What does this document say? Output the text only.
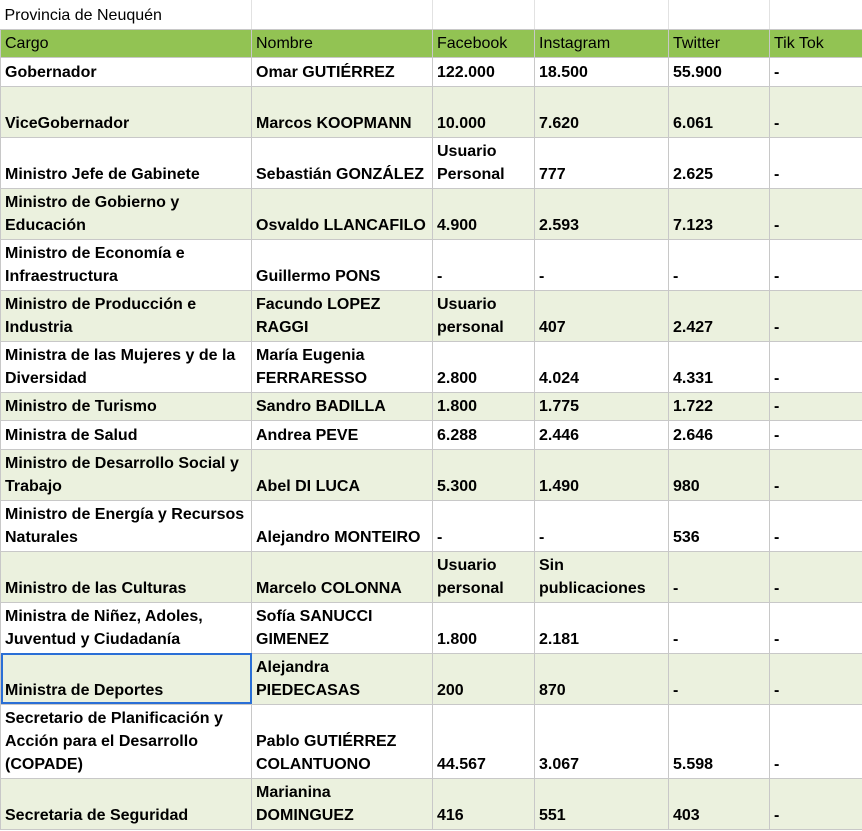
Provincia de Neuquén					
Cargo	Nombre	Facebook	Instagram	Twitter	Tik Tok
Gobernador	Omar GUTIÉRREZ	122.000	18.500	55.900	-
ViceGobernador	Marcos KOOPMANN	10.000	7.620	6.061	-
Ministro Jefe de Gabinete	Sebastián GONZÁLEZ	Usuario Personal	777	2.625	-
Ministro de Gobierno y Educación	Osvaldo LLANCAFILO	4.900	2.593	7.123	-
Ministro de Economía e Infraestructura	Guillermo PONS	-	-	-	-
Ministro de Producción e Industria	Facundo LOPEZ RAGGI	Usuario personal	407	2.427	-
Ministra de las Mujeres y de la Diversidad	María Eugenia FERRARESSO	2.800	4.024	4.331	-
Ministro de Turismo	Sandro BADILLA	1.800	1.775	1.722	-
Ministra de Salud	Andrea PEVE	6.288	2.446	2.646	-
Ministro de Desarrollo Social y Trabajo	Abel DI LUCA	5.300	1.490	980	-
Ministro de Energía y Recursos Naturales	Alejandro MONTEIRO	-	-	536	-
Ministro de las Culturas	Marcelo COLONNA	Usuario personal	Sin publicaciones	-	-
Ministra de Niñez, Adoles, Juventud y Ciudadanía	Sofía SANUCCI GIMENEZ	1.800	2.181	-	-
Ministra de Deportes	Alejandra PIEDECASAS	200	870	-	-
Secretario de Planificación y Acción para el Desarrollo (COPADE)	Pablo GUTIÉRREZ COLANTUONO	44.567	3.067	5.598	-
Secretaria de Seguridad	Marianina DOMINGUEZ	416	551	403	-
